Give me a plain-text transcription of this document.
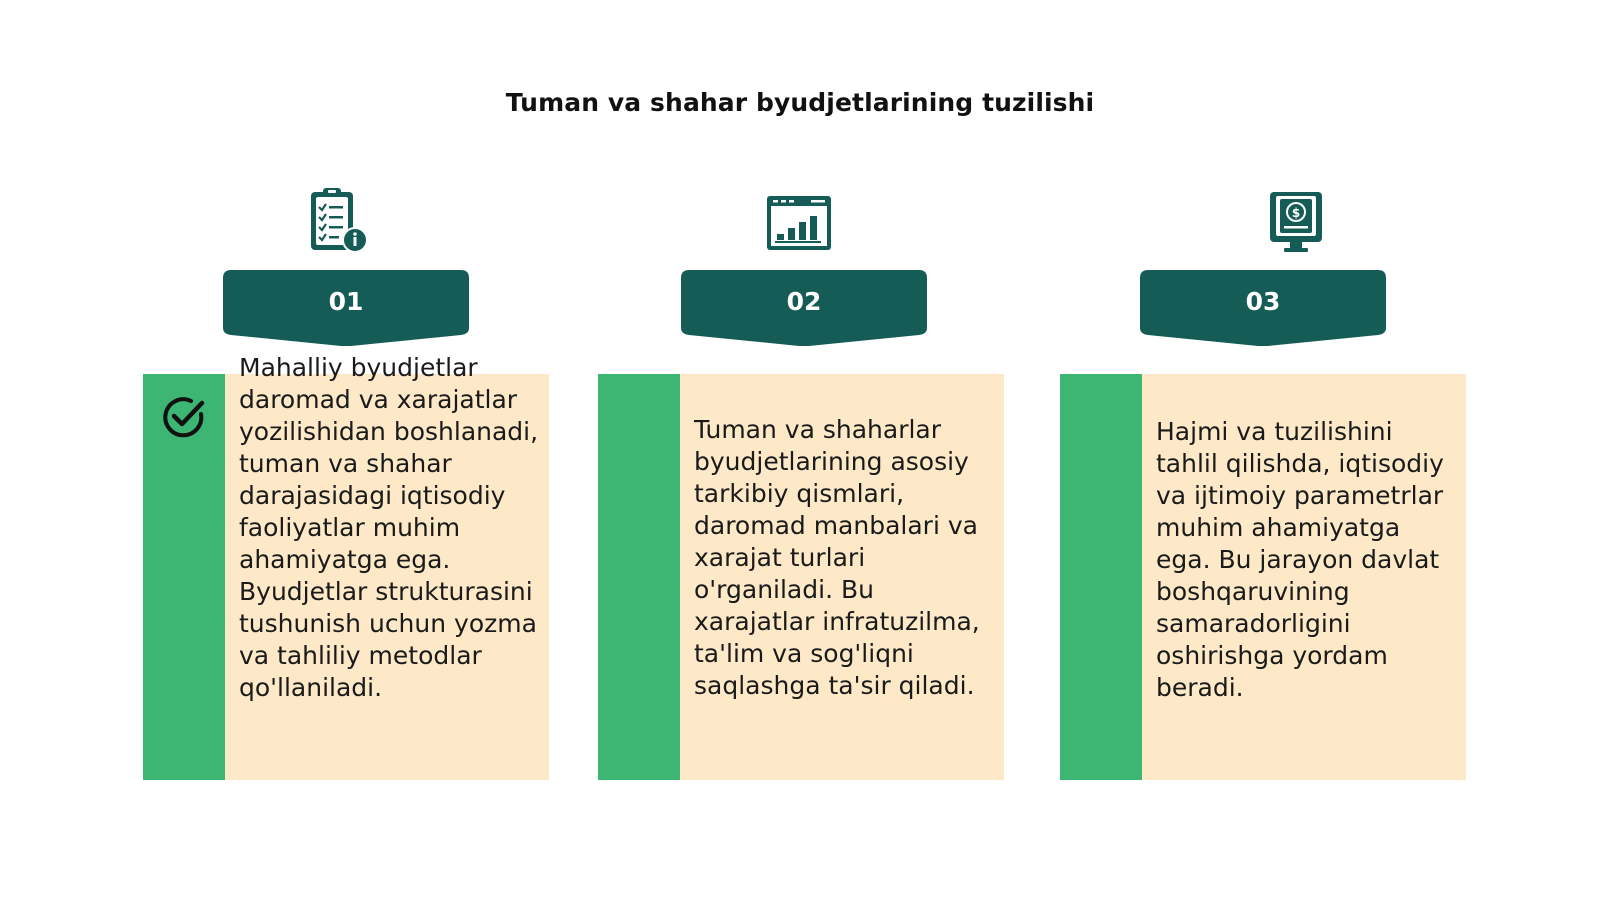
Tuman va shahar byudjetlarining tuzilishi
01
Mahalliy byudjetlar daromad va xarajatlar yozilishidan boshlanadi, tuman va shahar darajasidagi iqtisodiy faoliyatlar muhim ahamiyatga ega. Byudjetlar strukturasini tushunish uchun yozma va tahliliy metodlar qo'llaniladi.
02
Tuman va shaharlar byudjetlarining asosiy tarkibiy qismlari, daromad manbalari va xarajat turlari o'rganiladi. Bu xarajatlar infratuzilma, ta'lim va sog'liqni saqlashga ta'sir qiladi.
$
03
Hajmi va tuzilishini tahlil qilishda, iqtisodiy va ijtimoiy parametrlar muhim ahamiyatga ega. Bu jarayon davlat boshqaruvining samaradorligini oshirishga yordam beradi.
